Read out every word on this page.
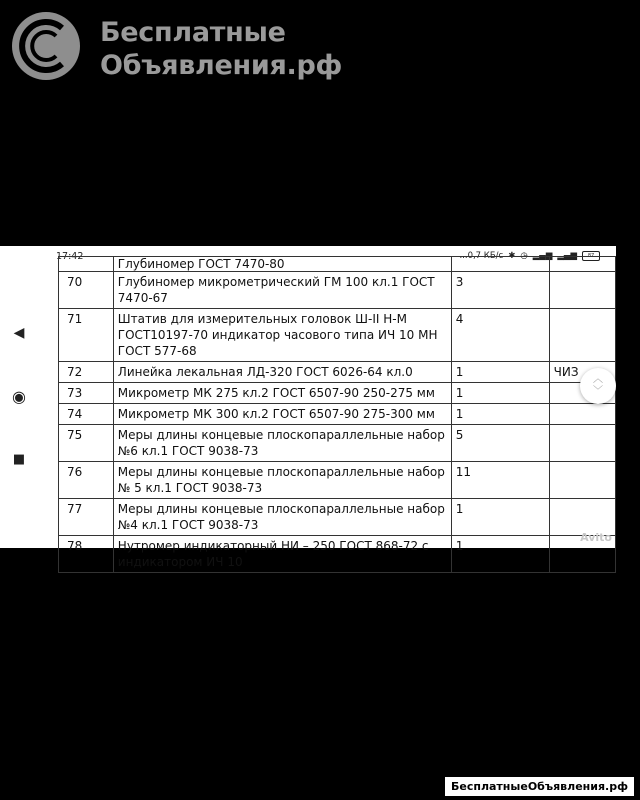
Бесплатные
Объявления.рф
◀
◉
■
17:42	...0,7 КБ/с ✱ ◷ ▂▄▆ ▂▄▆	87
	Глубиномер ГОСТ 7470-80		
70	Глубиномер микрометрический ГМ 100 кл.1 ГОСТ 7470-67	3	
71	Штатив для измерительных головок Ш-II Н-М ГОСТ10197-70 индикатор часового типа ИЧ 10 МН ГОСТ 577-68	4	
72	Линейка лекальная ЛД-320 ГОСТ 6026-64 кл.0	1	ЧИЗ
73	Микрометр МК 275 кл.2 ГОСТ 6507-90 250-275 мм	1	
74	Микрометр МК 300 кл.2 ГОСТ 6507-90 275-300 мм	1	
75	Меры длины концевые плоскопараллельные набор №6 кл.1 ГОСТ 9038-73	5	
76	Меры длины концевые плоскопараллельные набор № 5 кл.1 ГОСТ 9038-73	11	
77	Меры длины концевые плоскопараллельные набор №4 кл.1 ГОСТ 9038-73	1	
78	Нутромер индикаторный НИ – 250 ГОСТ 868-72 с индикатором ИЧ 10	1	
︿
﹀
Avito
БесплатныеОбъявления.рф
